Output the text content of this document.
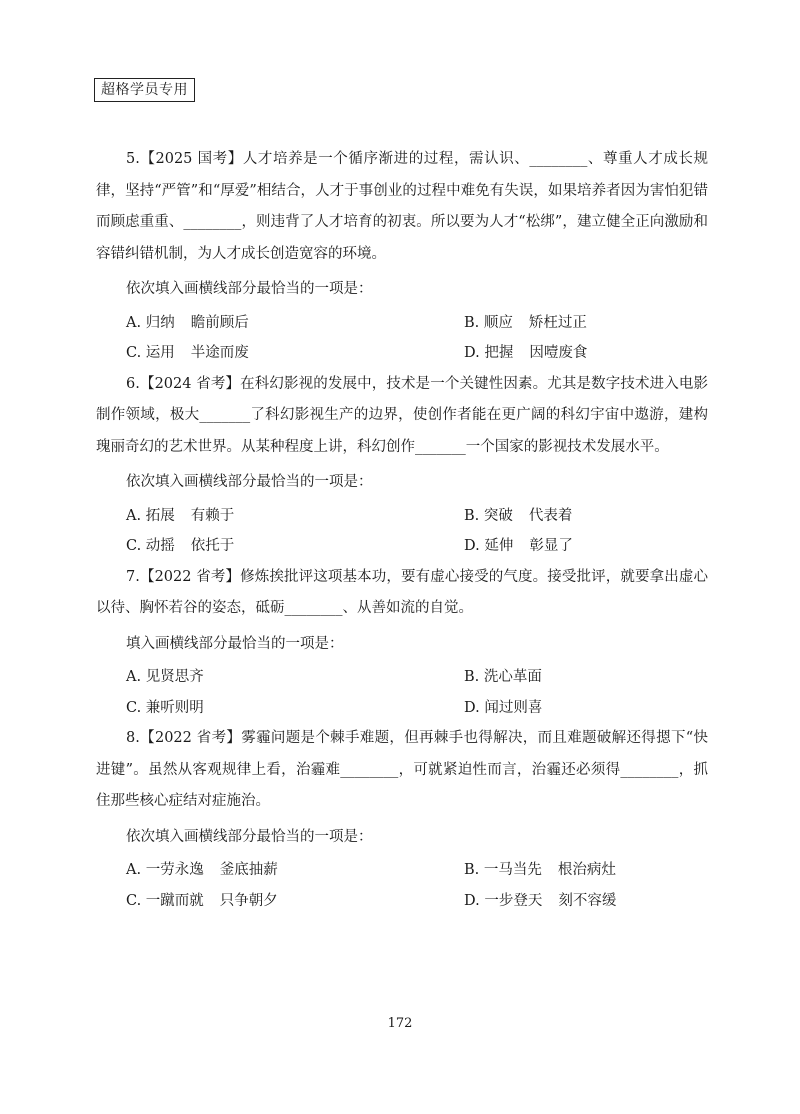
超格学员专用

5.【2025 国考】人才培养是一个循序渐进的过程，需认识、________、尊重人才成长规律，坚持“严管”和“厚爱”相结合，人才于事创业的过程中难免有失误，如果培养者因为害怕犯错而顾虑重重、________，则违背了人才培育的初衷。所以要为人才“松绑”，建立健全正向激励和容错纠错机制，为人才成长创造宽容的环境。

依次填入画横线部分最恰当的一项是：

A. 归纳 瞻前顾后	B. 顺应 矫枉过正
C. 运用 半途而废	D. 把握 因噎废食

6.【2024 省考】在科幻影视的发展中，技术是一个关键性因素。尤其是数字技术进入电影制作领域，极大_______了科幻影视生产的边界，使创作者能在更广阔的科幻宇宙中遨游，建构瑰丽奇幻的艺术世界。从某种程度上讲，科幻创作_______一个国家的影视技术发展水平。

依次填入画横线部分最恰当的一项是：

A. 拓展 有赖于	B. 突破 代表着
C. 动摇 依托于	D. 延伸 彰显了

7.【2022 省考】修炼挨批评这项基本功，要有虚心接受的气度。接受批评，就要拿出虚心以待、胸怀若谷的姿态，砥砺________、从善如流的自觉。

填入画横线部分最恰当的一项是：

A. 见贤思齐	B. 洗心革面
C. 兼听则明	D. 闻过则喜

8.【2022 省考】雾霾问题是个棘手难题，但再棘手也得解决，而且难题破解还得摁下“快进键”。虽然从客观规律上看，治霾难________，可就紧迫性而言，治霾还必须得________，抓住那些核心症结对症施治。

依次填入画横线部分最恰当的一项是：

A. 一劳永逸 釜底抽薪	B. 一马当先 根治病灶
C. 一蹴而就 只争朝夕	D. 一步登天 刻不容缓
172
